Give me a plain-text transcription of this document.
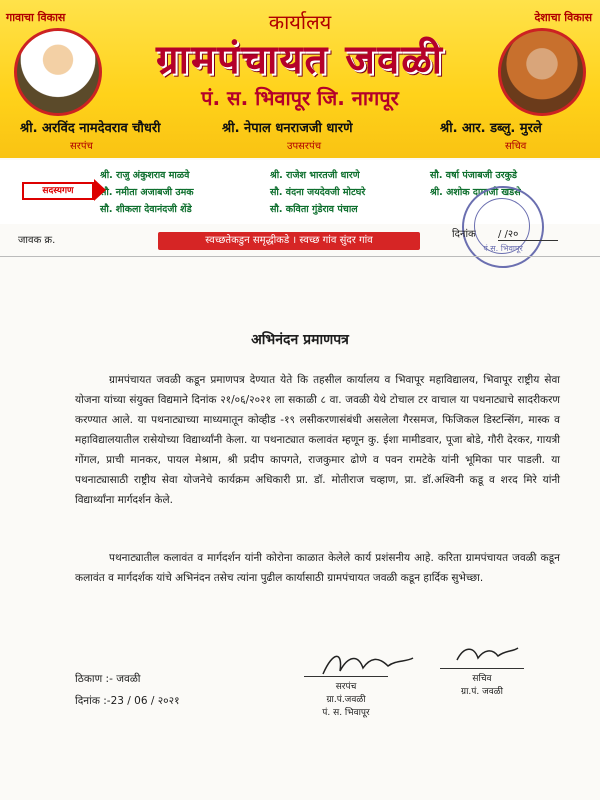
गावाचा विकास	देशाचा विकास
कार्यालय
ग्रामपंचायत जवळी
पं. स. भिवापूर जि. नागपूर
श्री. अरविंद नामदेवराव चौधरी
सरपंच
श्री. नेपाल धनराजजी धारणे
उपसरपंच
श्री. आर. डब्लु. मुरले
सचिव
श्री. राजु अंकुशराव माळवे
सौ. नमीता अजाबजी उमक
सौ. शीकला देवानंदजी शेंडे
श्री. राजेश भारतजी धारणे
सौ. वंदना जयदेवजी मोटघरे
सौ. कविता गुंडेराव पंचाल
सौ. वर्षा पंजाबजी उरकुडे
श्री. अशोक दामाजी खडसे
सदस्यगण
पं.स. भिवापूर
जावक क्र.
दिनांक / /२०
स्वच्छतेकडुन समृद्धीकडे । स्वच्छ गांव सुंदर गांव
अभिनंदन प्रमाणपत्र
ग्रामपंचायत जवळी कडून प्रमाणपत्र देण्यात येते कि तहसील कार्यालय व भिवापूर महाविद्यालय, भिवापूर राष्ट्रीय सेवा योजना यांच्या संयुक्त विद्यमाने दिनांक २१/०६/२०२१ ला सकाळी ८ वा. जवळी येथे टोचाल टर वाचाल या पथनाट्याचे सादरीकरण करण्यात आले. या पथनाट्याच्या माध्यमातून कोव्हीड -१९ लसीकरणासंबंधी असलेला गैरसमज, फिजिकल डिस्टन्सिंग, मास्क व महाविद्यालयातील रासेयोच्या विद्यार्थ्यांनी केला. या पथनाट्यात कलावंत म्हणून कु. ईशा मामीडवार, पूजा बोडे, गौरी देरकर, गायत्री गोंगल, प्राची मानकर, पायल मेश्राम, श्री प्रदीप कापगते, राजकुमार ढोणे व पवन रामटेके यांनी भूमिका पार पाडली. या पथनाट्यासाठी राष्ट्रीय सेवा योजनेचे कार्यक्रम अधिकारी प्रा. डॉ. मोतीराज चव्हाण, प्रा. डॉ.अश्विनी कडू व शरद मिरे यांनी विद्यार्थ्यांना मार्गदर्शन केले.
पथनाट्यातील कलावंत व मार्गदर्शन यांनी कोरोना काळात केलेले कार्य प्रशंसनीय आहे. करिता ग्रामपंचायत जवळी कडून कलावंत व मार्गदर्शक यांचे अभिनंदन तसेच त्यांना पुढील कार्यासाठी ग्रामपंचायत जवळी कडून हार्दिक सुभेच्छा.
ठिकाण :- जवळी
दिनांक :-23 / 06 / २०२१
सरपंच
ग्रा.पं.जवळी
पं. स. भिवापूर
सचिव
ग्रा.पं. जवळी
